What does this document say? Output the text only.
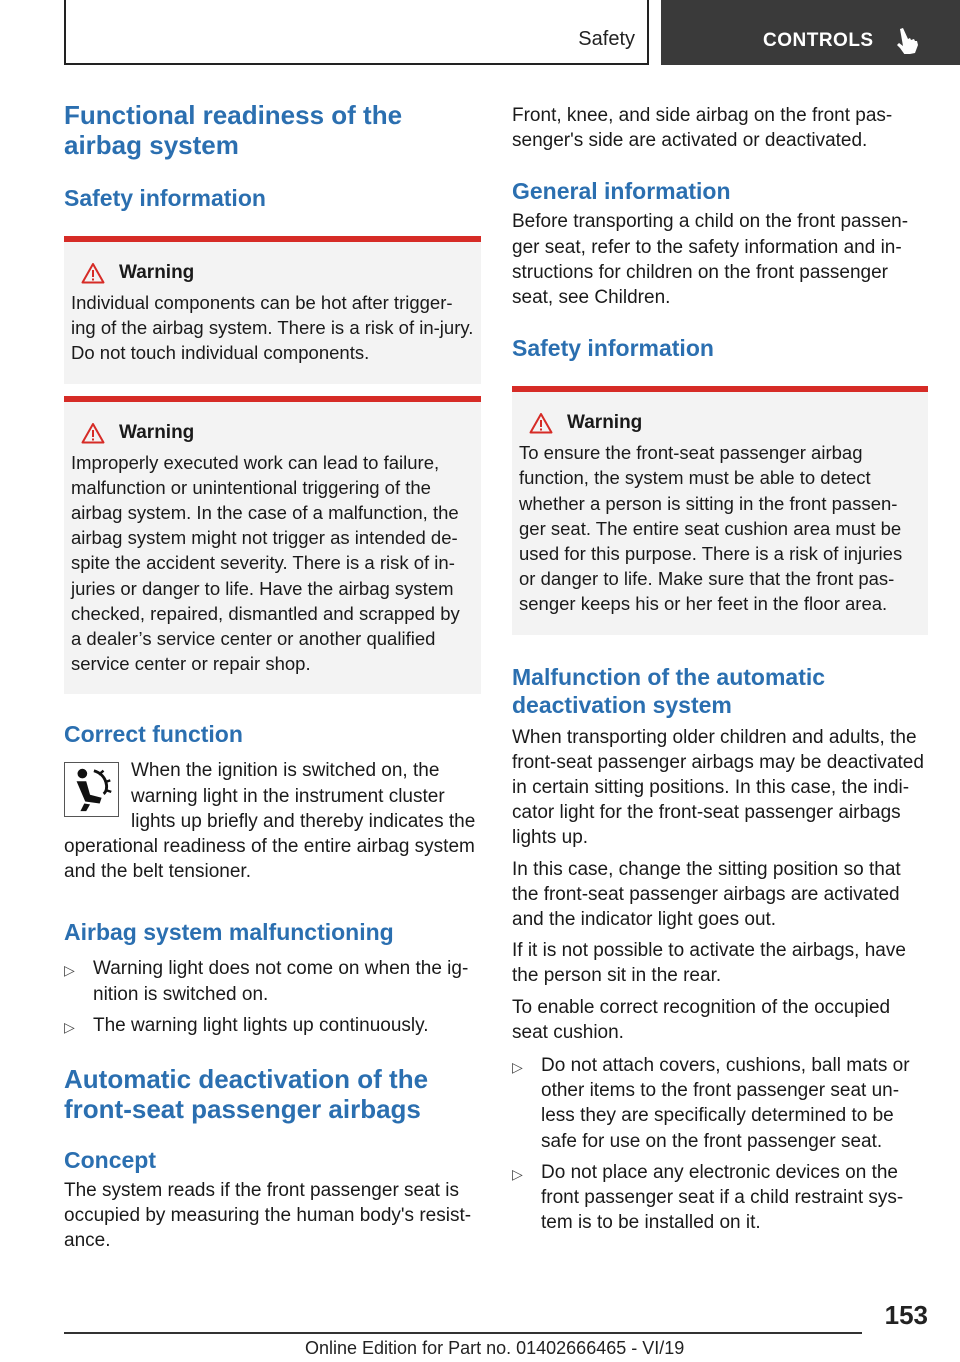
Safety	CONTROLS
Functional readiness of the airbag system
Safety information
Warning

Individual components can be hot after trigger-ing of the airbag system. There is a risk of in-jury. Do not touch individual components.

Warning

Improperly executed work can lead to failure, malfunction or unintentional triggering of the airbag system. In the case of a malfunction, the airbag system might not trigger as intended de-spite the accident severity. There is a risk of in-juries or danger to life. Have the airbag system checked, repaired, dismantled and scrapped by a dealer’s service center or another qualified service center or repair shop.

Correct function

When the ignition is switched on, the warning light in the instrument cluster lights up briefly and thereby indicates the operational readiness of the entire airbag system and the belt tensioner.

Airbag system malfunctioning
▷ Warning light does not come on when the ig-nition is switched on.
▷ The warning light lights up continuously.
Automatic deactivation of the front-seat passenger airbags
Concept

The system reads if the front passenger seat is occupied by measuring the human body's resist-ance.

Front, knee, and side airbag on the front pas-senger's side are activated or deactivated.

General information

Before transporting a child on the front passen-ger seat, refer to the safety information and in-structions for children on the front passenger seat, see Children.

Safety information
Warning

To ensure the front-seat passenger airbag function, the system must be able to detect whether a person is sitting in the front passen-ger seat. The entire seat cushion area must be used for this purpose. There is a risk of injuries or danger to life. Make sure that the front pas-senger keeps his or her feet in the floor area.

Malfunction of the automatic deactivation system

When transporting older children and adults, the front-seat passenger airbags may be deactivated in certain sitting positions. In this case, the indi-cator light for the front-seat passenger airbags lights up.

In this case, change the sitting position so that the front-seat passenger airbags are activated and the indicator light goes out.

If it is not possible to activate the airbags, have the person sit in the rear.

To enable correct recognition of the occupied seat cushion.

▷ Do not attach covers, cushions, ball mats or other items to the front passenger seat un-less they are specifically determined to be safe for use on the front passenger seat.
▷ Do not place any electronic devices on the front passenger seat if a child restraint sys-tem is to be installed on it.
153
Online Edition for Part no. 01402666465 - VI/19
